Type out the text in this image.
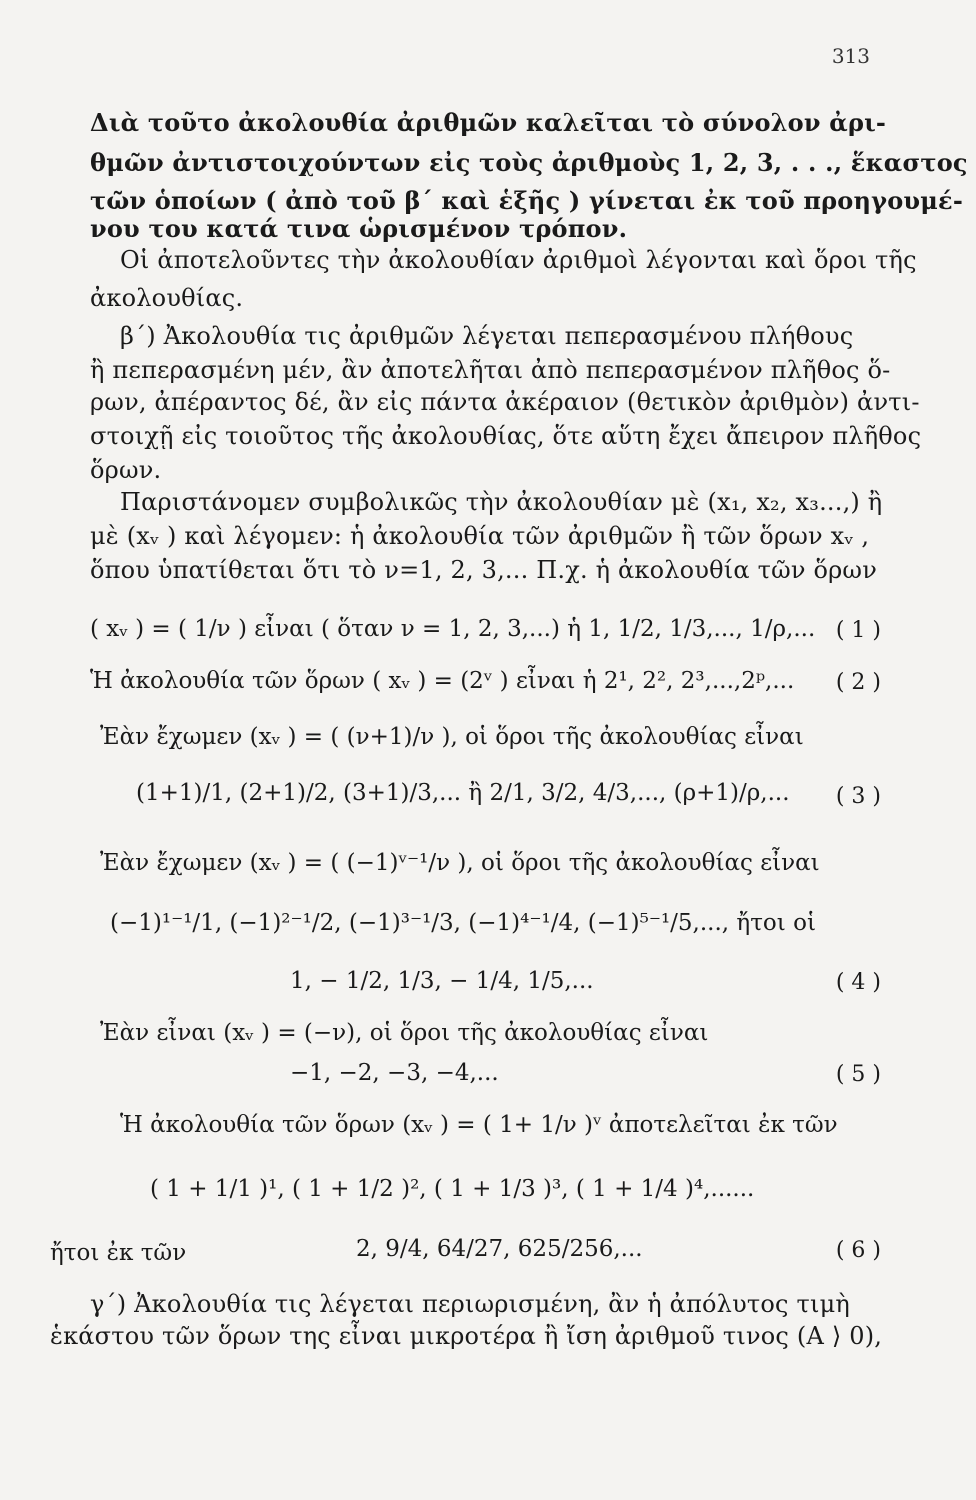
313
Διὰ τοῦτο ἀκολουθία ἀριθμῶν καλεῖται τὸ σύνολον ἀρι-
θμῶν ἀντιστοιχούντων εἰς τοὺς ἀριθμοὺς 1, 2, 3, . . ., ἕκαστος
τῶν ὁποίων ( ἀπὸ τοῦ β΄ καὶ ἑξῆς ) γίνεται ἐκ τοῦ προηγουμέ-
νου του κατά τινα ὡρισμένον τρόπον.
Οἱ ἀποτελοῦντες τὴν ἀκολουθίαν ἀριθμοὶ λέγονται καὶ ὅροι τῆς
ἀκολουθίας.
β΄) Ἀκολουθία τις ἀριθμῶν λέγεται πεπερασμένου πλήθους
ἢ πεπερασμένη μέν, ἂν ἀποτελῆται ἀπὸ πεπερασμένον πλῆθος ὅ-
ρων, ἀπέραντος δέ, ἂν εἰς πάντα ἀκέραιον (θετικὸν ἀριθμὸν) ἀντι-
στοιχῇ εἰς τοιοῦτος τῆς ἀκολουθίας, ὅτε αὕτη ἔχει ἄπειρον πλῆθος
ὅρων.
Παριστάνομεν συμβολικῶς τὴν ἀκολουθίαν μὲ (x₁, x₂, x₃...,) ἢ
μὲ (xᵥ ) καὶ λέγομεν: ἡ ἀκολουθία τῶν ἀριθμῶν ἢ τῶν ὅρων xᵥ ,
ὅπου ὑπατίθεται ὅτι τὸ ν=1, 2, 3,... Π.χ. ἡ ἀκολουθία τῶν ὅρων
( xᵥ ) = ( 1/ν ) εἶναι ( ὅταν ν = 1, 2, 3,...) ἡ 1, 1/2, 1/3,..., 1/ρ,... ( 1 )
Ἡ ἀκολουθία τῶν ὅρων ( xᵥ ) = (2ᵛ ) εἶναι ἡ 2¹, 2², 2³,...,2ᵖ,... ( 2 )
Ἐὰν ἔχωμεν (xᵥ ) = ( (ν+1)/ν ), οἱ ὅροι τῆς ἀκολουθίας εἶναι
(1+1)/1, (2+1)/2, (3+1)/3,... ἢ 2/1, 3/2, 4/3,..., (ρ+1)/ρ,... ( 3 )
Ἐὰν ἔχωμεν (xᵥ ) = ( (−1)ᵛ⁻¹/ν ), οἱ ὅροι τῆς ἀκολουθίας εἶναι
(−1)¹⁻¹/1, (−1)²⁻¹/2, (−1)³⁻¹/3, (−1)⁴⁻¹/4, (−1)⁵⁻¹/5,..., ἤτοι οἱ
1, − 1/2, 1/3, − 1/4, 1/5,...	( 4 )
Ἐὰν εἶναι (xᵥ ) = (−ν), οἱ ὅροι τῆς ἀκολουθίας εἶναι
−1, −2, −3, −4,...	( 5 )
Ἡ ἀκολουθία τῶν ὅρων (xᵥ ) = ( 1+ 1/ν )ᵛ ἀποτελεῖται ἐκ τῶν
( 1 + 1/1 )¹, ( 1 + 1/2 )², ( 1 + 1/3 )³, ( 1 + 1/4 )⁴,......
ἤτοι ἐκ τῶν	2, 9/4, 64/27, 625/256,...	( 6 )
γ΄) Ἀκολουθία τις λέγεται περιωρισμένη, ἂν ἡ ἀπόλυτος τιμὴ
ἑκάστου τῶν ὅρων της εἶναι μικροτέρα ἢ ἴση ἀριθμοῦ τινος (Α ⟩ 0),
